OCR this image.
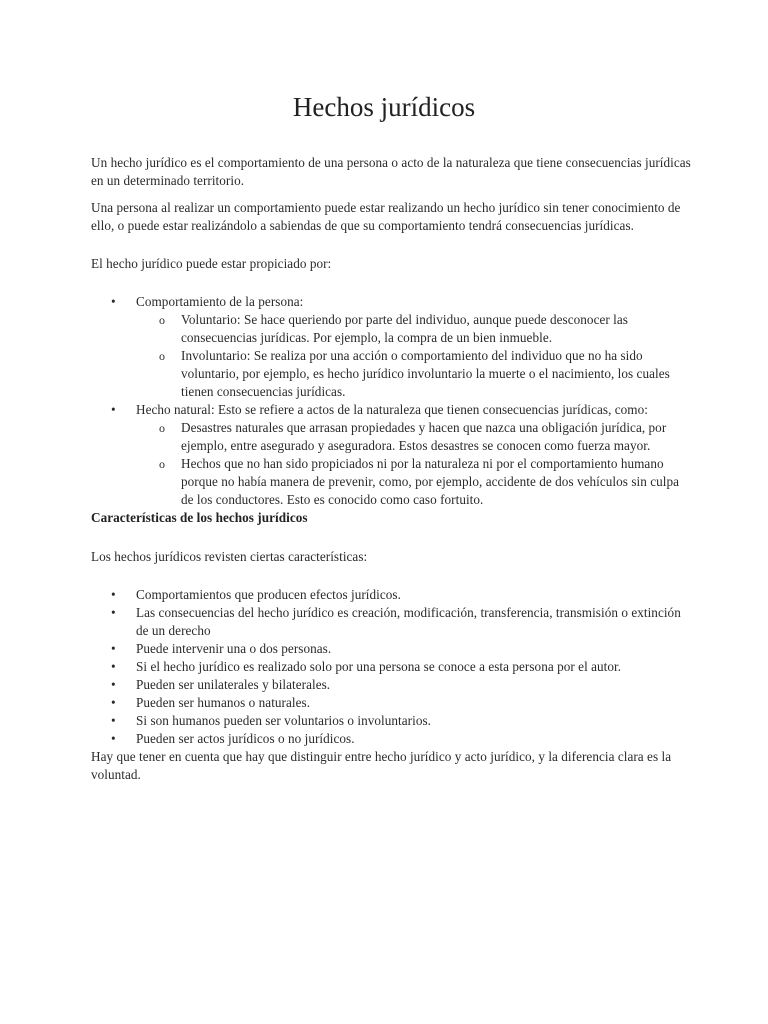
Hechos jurídicos

Un hecho jurídico es el comportamiento de una persona o acto de la naturaleza que tiene consecuencias jurídicas en un determinado territorio.

Una persona al realizar un comportamiento puede estar realizando un hecho jurídico sin tener conocimiento de ello, o puede estar realizándolo a sabiendas de que su comportamiento tendrá consecuencias jurídicas.

El hecho jurídico puede estar propiciado por:

• Comportamiento de la persona:
o Voluntario: Se hace queriendo por parte del individuo, aunque puede desconocer las consecuencias jurídicas. Por ejemplo, la compra de un bien inmueble.
o Involuntario: Se realiza por una acción o comportamiento del individuo que no ha sido voluntario, por ejemplo, es hecho jurídico involuntario la muerte o el nacimiento, los cuales tienen consecuencias jurídicas.
• Hecho natural: Esto se refiere a actos de la naturaleza que tienen consecuencias jurídicas, como:
o Desastres naturales que arrasan propiedades y hacen que nazca una obligación jurídica, por ejemplo, entre asegurado y aseguradora. Estos desastres se conocen como fuerza mayor.
o Hechos que no han sido propiciados ni por la naturaleza ni por el comportamiento humano porque no había manera de prevenir, como, por ejemplo, accidente de dos vehículos sin culpa de los conductores. Esto es conocido como caso fortuito.

Características de los hechos jurídicos

Los hechos jurídicos revisten ciertas características:

• Comportamientos que producen efectos jurídicos.
• Las consecuencias del hecho jurídico es creación, modificación, transferencia, transmisión o extinción de un derecho
• Puede intervenir una o dos personas.
• Si el hecho jurídico es realizado solo por una persona se conoce a esta persona por el autor.
• Pueden ser unilaterales y bilaterales.
• Pueden ser humanos o naturales.
• Si son humanos pueden ser voluntarios o involuntarios.
• Pueden ser actos jurídicos o no jurídicos.

Hay que tener en cuenta que hay que distinguir entre hecho jurídico y acto jurídico, y la diferencia clara es la voluntad.
